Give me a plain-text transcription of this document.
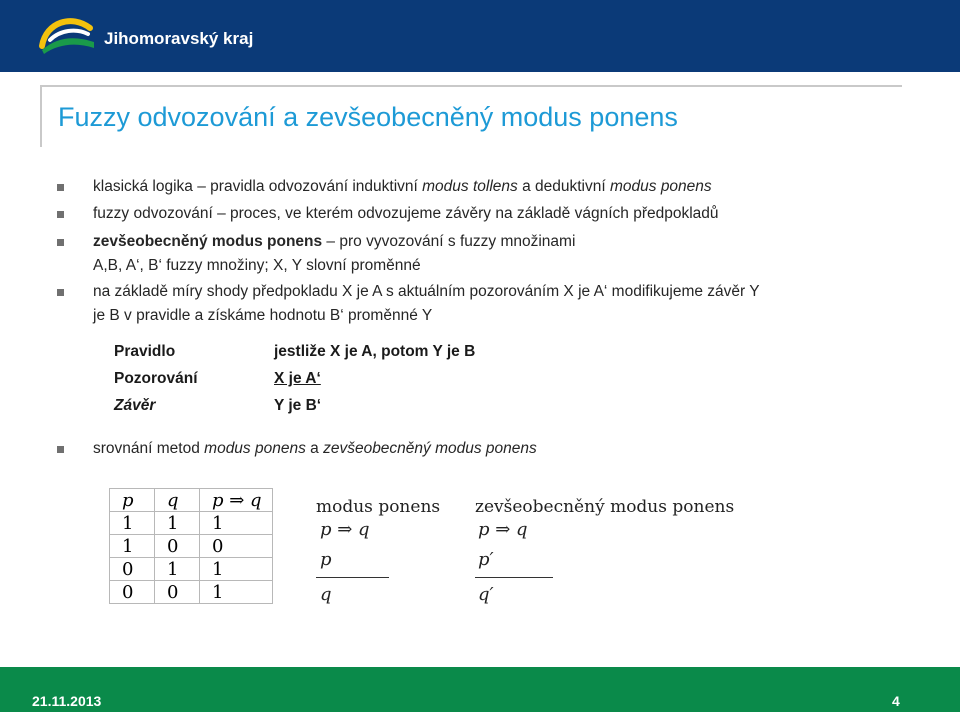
Jihomoravský kraj
Fuzzy odvozování a zevšeobecněný modus ponens
klasická logika – pravidla odvozování induktivní modus tollens a deduktivní modus ponens
fuzzy odvozování – proces, ve kterém odvozujeme závěry na základě vágních předpokladů
zevšeobecněný modus ponens – pro vyvozování s fuzzy množinami
A,B, A‘, B‘ fuzzy množiny; X, Y slovní proměnné
na základě míry shody předpokladu X je A s aktuálním pozorováním X je A‘ modifikujeme závěr Y
je B v pravidle a získáme hodnotu B‘ proměnné Y
Pravidlo	jestliže X je A, potom Y je B
Pozorování	X je A‘
Závěr	Y je B‘
srovnání metod modus ponens a zevšeobecněný modus ponens
p	q	p ⇒ q
1	1	1
1	0	0
0	1	1
0	0	1
modus ponens
p ⇒ q
p
q
zevšeobecněný modus ponens
p ⇒ q
p′
q′
21.11.2013	4
